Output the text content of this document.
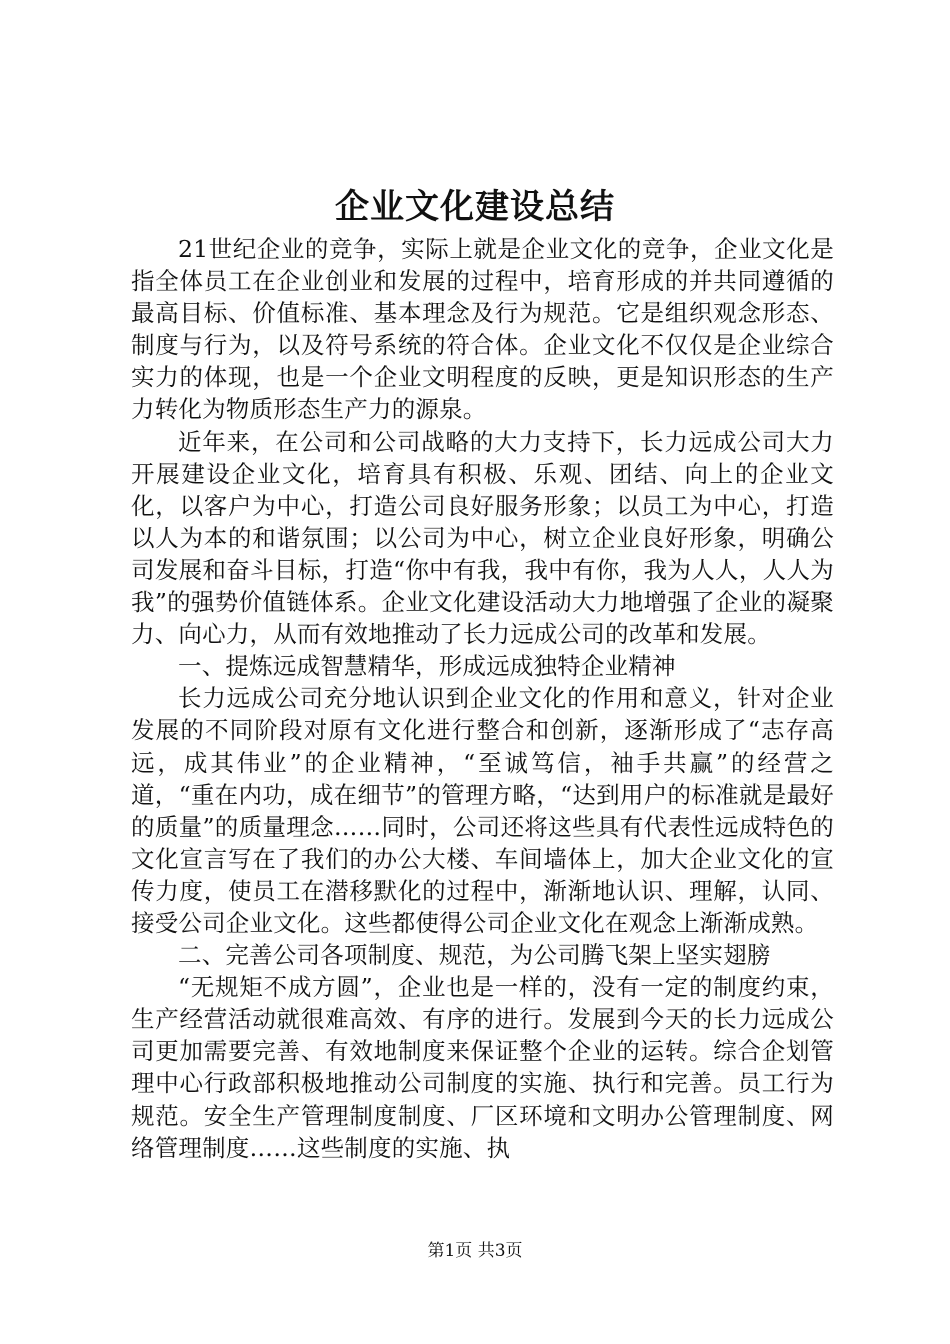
企业文化建设总结

21世纪企业的竞争，实际上就是企业文化的竞争，企业文化是指全体员工在企业创业和发展的过程中，培育形成的并共同遵循的最高目标、价值标准、基本理念及行为规范。它是组织观念形态、制度与行为，以及符号系统的符合体。企业文化不仅仅是企业综合实力的体现，也是一个企业文明程度的反映，更是知识形态的生产力转化为物质形态生产力的源泉。

近年来，在公司和公司战略的大力支持下，长力远成公司大力开展建设企业文化，培育具有积极、乐观、团结、向上的企业文化，以客户为中心，打造公司良好服务形象；以员工为中心，打造以人为本的和谐氛围；以公司为中心，树立企业良好形象，明确公司发展和奋斗目标，打造“你中有我，我中有你，我为人人，人人为我”的强势价值链体系。企业文化建设活动大力地增强了企业的凝聚力、向心力，从而有效地推动了长力远成公司的改革和发展。

一、提炼远成智慧精华，形成远成独特企业精神

长力远成公司充分地认识到企业文化的作用和意义，针对企业发展的不同阶段对原有文化进行整合和创新，逐渐形成了“志存高远，成其伟业”的企业精神，“至诚笃信，袖手共赢”的经营之道，“重在内功，成在细节”的管理方略，“达到用户的标准就是最好的质量”的质量理念……同时，公司还将这些具有代表性远成特色的文化宣言写在了我们的办公大楼、车间墙体上，加大企业文化的宣传力度，使员工在潜移默化的过程中，渐渐地认识、理解，认同、接受公司企业文化。这些都使得公司企业文化在观念上渐渐成熟。

二、完善公司各项制度、规范，为公司腾飞架上坚实翅膀

“无规矩不成方圆”，企业也是一样的，没有一定的制度约束，生产经营活动就很难高效、有序的进行。发展到今天的长力远成公司更加需要完善、有效地制度来保证整个企业的运转。综合企划管理中心行政部积极地推动公司制度的实施、执行和完善。员工行为规范。安全生产管理制度制度、厂区环境和文明办公管理制度、网络管理制度……这些制度的实施、执

第1页 共3页
